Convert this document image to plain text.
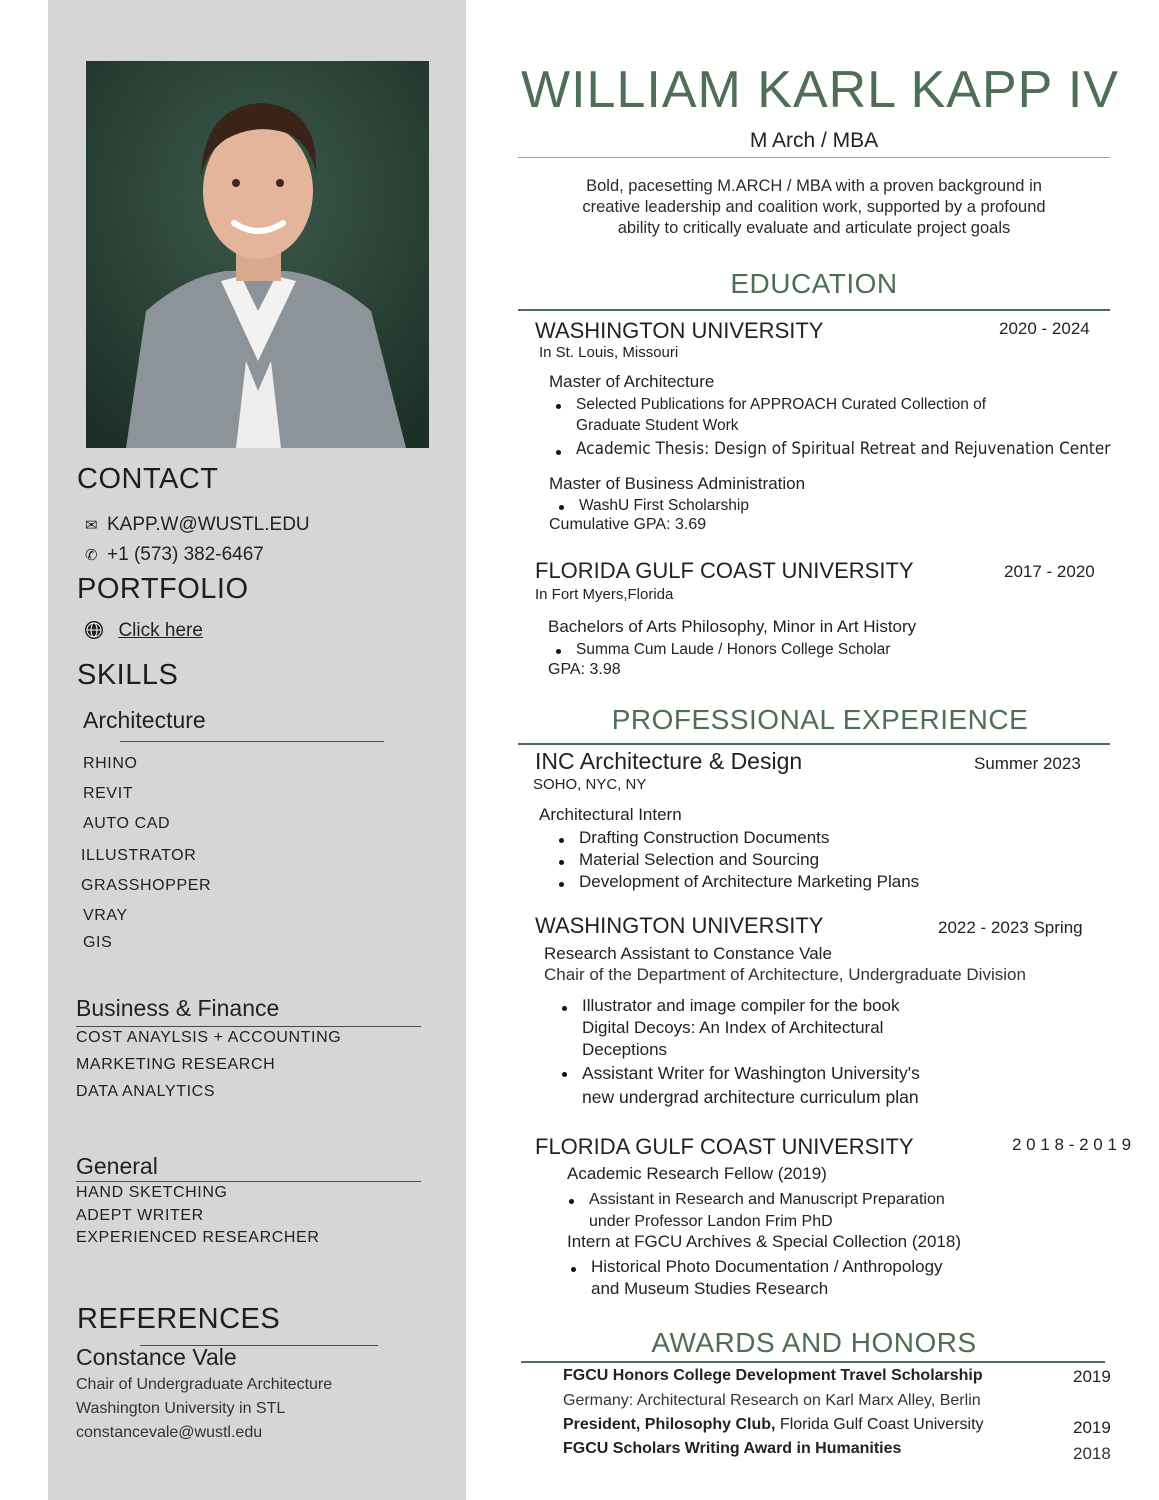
CONTACT
✉ KAPP.W@WUSTL.EDU
✆ +1 (573) 382-6467
PORTFOLIO
Click here
SKILLS
Architecture
RHINO
REVIT
AUTO CAD
ILLUSTRATOR
GRASSHOPPER
VRAY
GIS
Business & Finance
COST ANAYLSIS + ACCOUNTING
MARKETING RESEARCH
DATA ANALYTICS
General
HAND SKETCHING
ADEPT WRITER
EXPERIENCED RESEARCHER
REFERENCES
Constance Vale
Chair of Undergraduate Architecture
Washington University in STL
constancevale@wustl.edu
WILLIAM KARL KAPP IV
M Arch / MBA
Bold, pacesetting M.ARCH / MBA with a proven background in
creative leadership and coalition work, supported by a profound
ability to critically evaluate and articulate project goals
EDUCATION
WASHINGTON UNIVERSITY	2020 - 2024
In St. Louis, Missouri
Master of Architecture
Selected Publications for APPROACH Curated Collection of
Graduate Student Work
Academic Thesis: Design of Spiritual Retreat and Rejuvenation Center
Master of Business Administration
WashU First Scholarship
Cumulative GPA: 3.69
FLORIDA GULF COAST UNIVERSITY	2017 - 2020
In Fort Myers,Florida
Bachelors of Arts Philosophy, Minor in Art History
Summa Cum Laude / Honors College Scholar
GPA: 3.98
PROFESSIONAL EXPERIENCE
INC Architecture & Design	Summer 2023
SOHO, NYC, NY
Architectural Intern
Drafting Construction Documents
Material Selection and Sourcing
Development of Architecture Marketing Plans
WASHINGTON UNIVERSITY	2022 - 2023 Spring
Research Assistant to Constance Vale
Chair of the Department of Architecture, Undergraduate Division
Illustrator and image compiler for the book
Digital Decoys: An Index of Architectural
Deceptions
Assistant Writer for Washington University's
new undergrad architecture curriculum plan
FLORIDA GULF COAST UNIVERSITY	2 0 1 8 - 2 0 1 9
Academic Research Fellow (2019)
Assistant in Research and Manuscript Preparation
under Professor Landon Frim PhD
Intern at FGCU Archives & Special Collection (2018)
Historical Photo Documentation / Anthropology
and Museum Studies Research
AWARDS AND HONORS
FGCU Honors College Development Travel Scholarship	2019
Germany: Architectural Research on Karl Marx Alley, Berlin
President, Philosophy Club, Florida Gulf Coast University	2019
FGCU Scholars Writing Award in Humanities	2018
